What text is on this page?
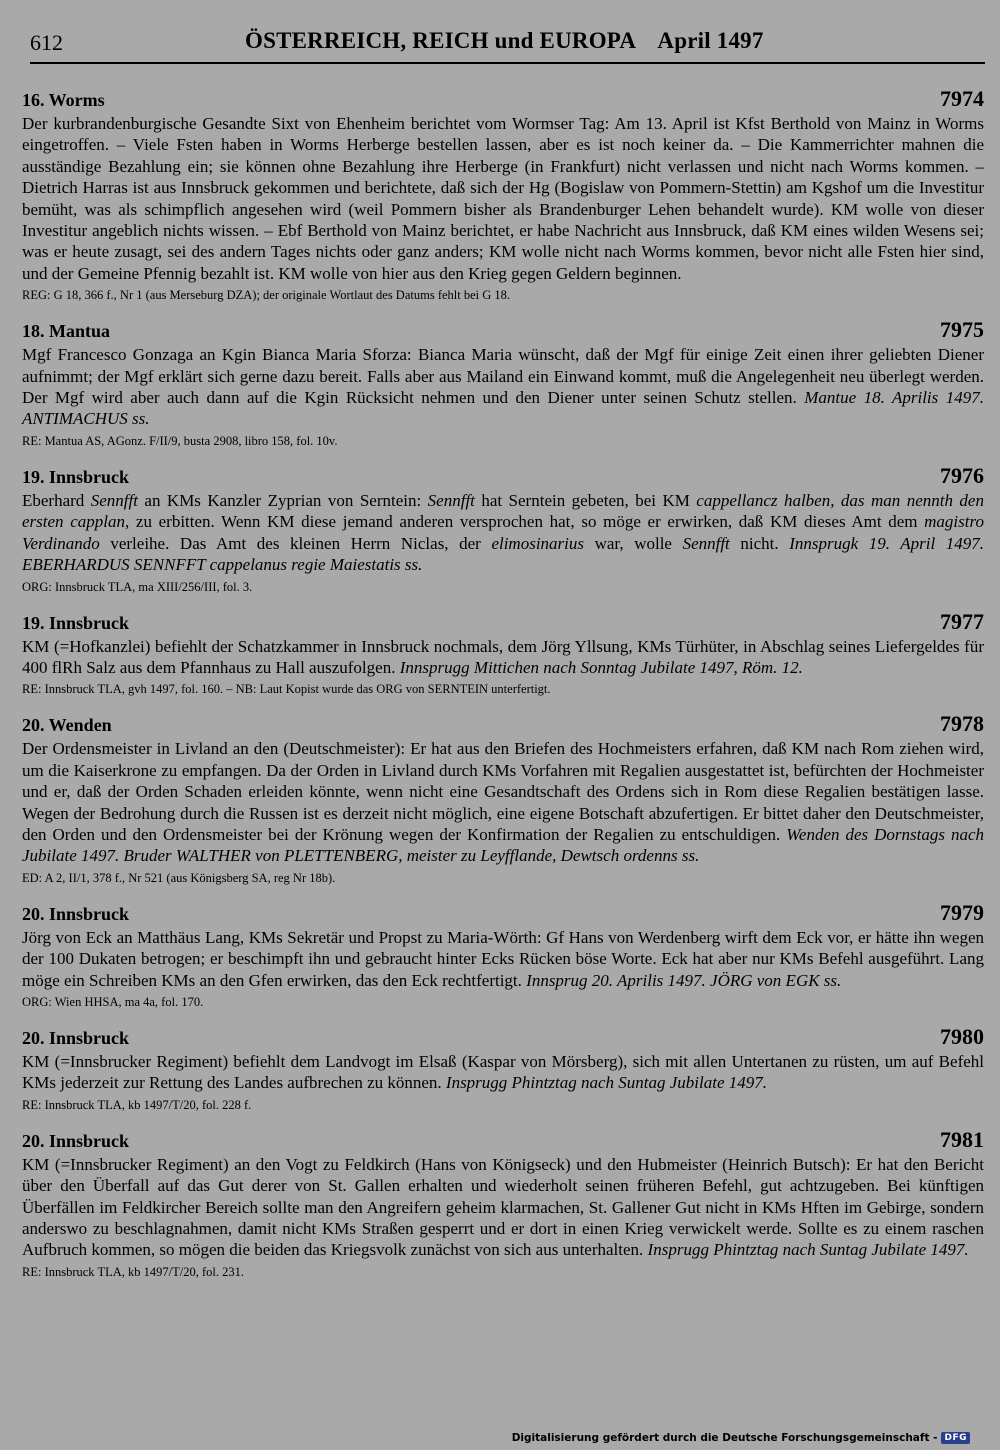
612	ÖSTERREICH, REICH und EUROPA    April 1497
16. Worms	7974
Der kurbrandenburgische Gesandte Sixt von Ehenheim berichtet vom Wormser Tag: Am 13. April ist Kfst Berthold von Mainz in Worms eingetroffen. – Viele Fsten haben in Worms Herberge bestellen lassen, aber es ist noch keiner da. – Die Kammerrichter mahnen die ausständige Bezahlung ein; sie können ohne Bezahlung ihre Herberge (in Frankfurt) nicht verlassen und nicht nach Worms kommen. – Dietrich Harras ist aus Innsbruck gekommen und berichtete, daß sich der Hg (Bogislaw von Pommern-Stettin) am Kgshof um die Investitur bemüht, was als schimpflich angesehen wird (weil Pommern bisher als Brandenburger Lehen behandelt wurde). KM wolle von dieser Investitur angeblich nichts wissen. – Ebf Berthold von Mainz berichtet, er habe Nachricht aus Innsbruck, daß KM eines wilden Wesens sei; was er heute zusagt, sei des andern Tages nichts oder ganz anders; KM wolle nicht nach Worms kommen, bevor nicht alle Fsten hier sind, und der Gemeine Pfennig bezahlt ist. KM wolle von hier aus den Krieg gegen Geldern beginnen.
REG: G 18, 366 f., Nr 1 (aus Merseburg DZA); der originale Wortlaut des Datums fehlt bei G 18.
18. Mantua	7975
Mgf Francesco Gonzaga an Kgin Bianca Maria Sforza: Bianca Maria wünscht, daß der Mgf für einige Zeit einen ihrer geliebten Diener aufnimmt; der Mgf erklärt sich gerne dazu bereit. Falls aber aus Mailand ein Einwand kommt, muß die Angelegenheit neu überlegt werden. Der Mgf wird aber auch dann auf die Kgin Rücksicht nehmen und den Diener unter seinen Schutz stellen. Mantue 18. Aprilis 1497. ANTIMACHUS ss.
RE: Mantua AS, AGonz. F/II/9, busta 2908, libro 158, fol. 10v.
19. Innsbruck	7976
Eberhard Sennfft an KMs Kanzler Zyprian von Serntein: Sennfft hat Serntein gebeten, bei KM cappellancz halben, das man nennth den ersten capplan, zu erbitten. Wenn KM diese jemand anderen versprochen hat, so möge er erwirken, daß KM dieses Amt dem magistro Verdinando verleihe. Das Amt des kleinen Herrn Niclas, der elimosinarius war, wolle Sennfft nicht. Innsprugk 19. April 1497. EBERHARDUS SENNFFT cappelanus regie Maiestatis ss.
ORG: Innsbruck TLA, ma XIII/256/III, fol. 3.
19. Innsbruck	7977
KM (=Hofkanzlei) befiehlt der Schatzkammer in Innsbruck nochmals, dem Jörg Yllsung, KMs Türhüter, in Abschlag seines Liefergeldes für 400 flRh Salz aus dem Pfannhaus zu Hall auszufolgen. Innsprugg Mittichen nach Sonntag Jubilate 1497, Röm. 12.
RE: Innsbruck TLA, gvh 1497, fol. 160. – NB: Laut Kopist wurde das ORG von SERNTEIN unterfertigt.
20. Wenden	7978
Der Ordensmeister in Livland an den (Deutschmeister): Er hat aus den Briefen des Hochmeisters erfahren, daß KM nach Rom ziehen wird, um die Kaiserkrone zu empfangen. Da der Orden in Livland durch KMs Vorfahren mit Regalien ausgestattet ist, befürchten der Hochmeister und er, daß der Orden Schaden erleiden könnte, wenn nicht eine Gesandtschaft des Ordens sich in Rom diese Regalien bestätigen lasse. Wegen der Bedrohung durch die Russen ist es derzeit nicht möglich, eine eigene Botschaft abzufertigen. Er bittet daher den Deutschmeister, den Orden und den Ordensmeister bei der Krönung wegen der Konfirmation der Regalien zu entschuldigen. Wenden des Dornstags nach Jubilate 1497. Bruder WALTHER von PLETTENBERG, meister zu Leyfflande, Dewtsch ordenns ss.
ED: A 2, II/1, 378 f., Nr 521 (aus Königsberg SA, reg Nr 18b).
20. Innsbruck	7979
Jörg von Eck an Matthäus Lang, KMs Sekretär und Propst zu Maria-Wörth: Gf Hans von Werdenberg wirft dem Eck vor, er hätte ihn wegen der 100 Dukaten betrogen; er beschimpft ihn und gebraucht hinter Ecks Rücken böse Worte. Eck hat aber nur KMs Befehl ausgeführt. Lang möge ein Schreiben KMs an den Gfen erwirken, das den Eck rechtfertigt. Innsprug 20. Aprilis 1497. JÖRG von EGK ss.
ORG: Wien HHSA, ma 4a, fol. 170.
20. Innsbruck	7980
KM (=Innsbrucker Regiment) befiehlt dem Landvogt im Elsaß (Kaspar von Mörsberg), sich mit allen Untertanen zu rüsten, um auf Befehl KMs jederzeit zur Rettung des Landes aufbrechen zu können. Insprugg Phintztag nach Suntag Jubilate 1497.
RE: Innsbruck TLA, kb 1497/T/20, fol. 228 f.
20. Innsbruck	7981
KM (=Innsbrucker Regiment) an den Vogt zu Feldkirch (Hans von Königseck) und den Hubmeister (Heinrich Butsch): Er hat den Bericht über den Überfall auf das Gut derer von St. Gallen erhalten und wiederholt seinen früheren Befehl, gut achtzugeben. Bei künftigen Überfällen im Feldkircher Bereich sollte man den Angreifern geheim klarmachen, St. Gallener Gut nicht in KMs Hften im Gebirge, sondern anderswo zu beschlagnahmen, damit nicht KMs Straßen gesperrt und er dort in einen Krieg verwickelt werde. Sollte es zu einem raschen Aufbruch kommen, so mögen die beiden das Kriegsvolk zunächst von sich aus unterhalten. Insprugg Phintztag nach Suntag Jubilate 1497.
RE: Innsbruck TLA, kb 1497/T/20, fol. 231.
Digitalisierung gefördert durch die Deutsche Forschungsgemeinschaft - DFG
